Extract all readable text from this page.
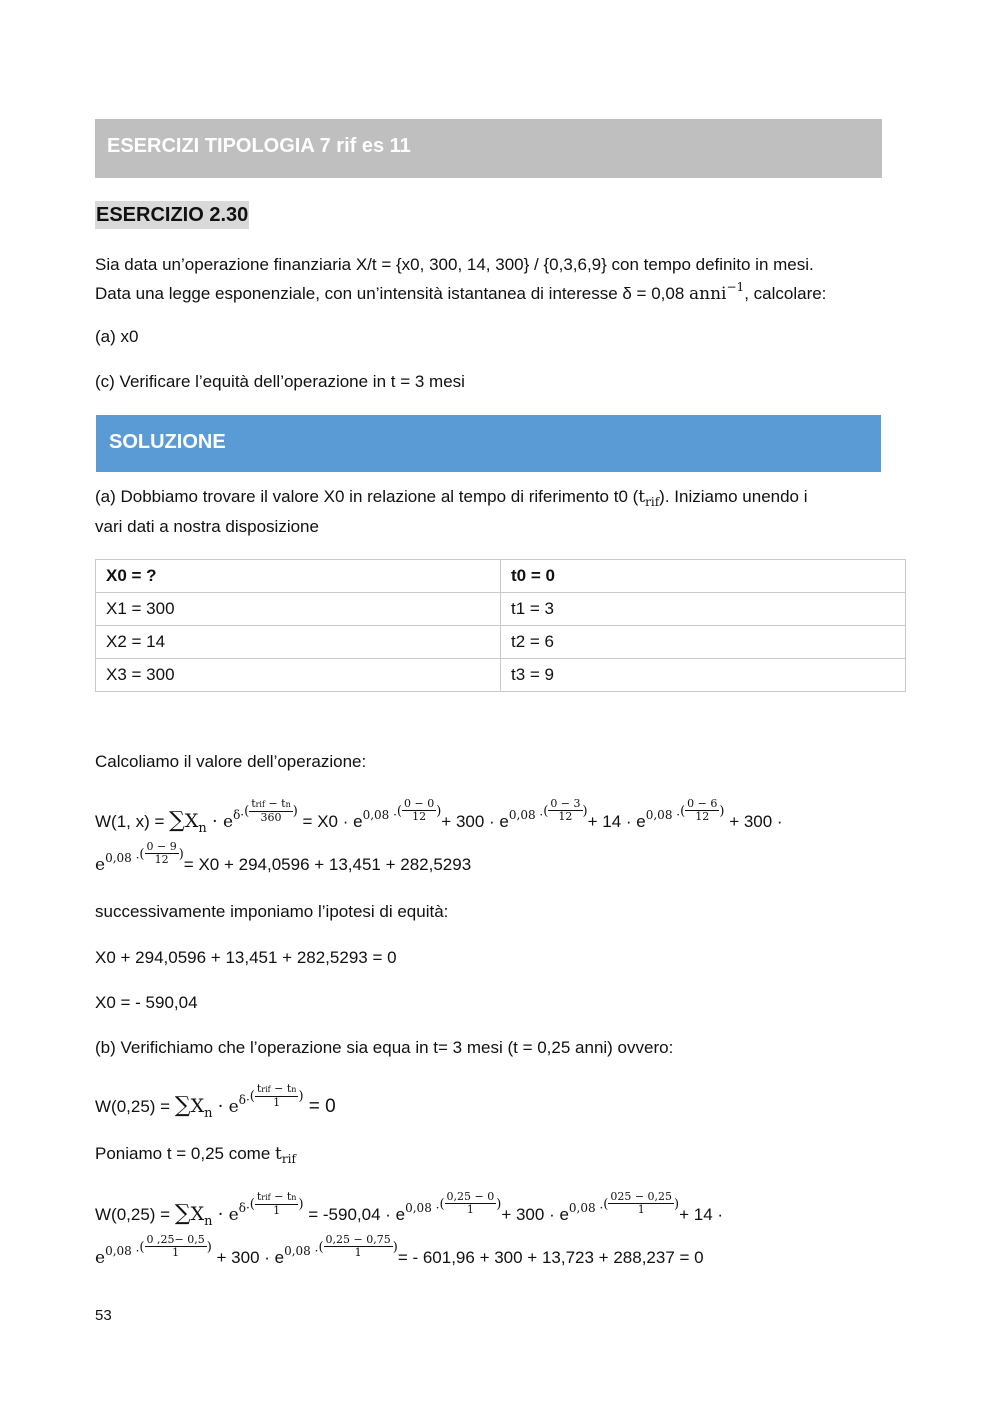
ESERCIZI TIPOLOGIA 7 rif es 11
ESERCIZIO 2.30
Sia data un’operazione finanziaria X/t = {x0, 300, 14, 300} / {0,3,6,9} con tempo definito in mesi.
Data una legge esponenziale, con un’intensità istantanea di interesse δ = 0,08 anni$^{-1}$, calcolare:
(a) x0
(c) Verificare l’equità dell’operazione in t = 3 mesi
SOLUZIONE
(a) Dobbiamo trovare il valore X0 in relazione al tempo di riferimento t0 $(t_{rif})$. Iniziamo unendo i
vari dati a nostra disposizione
X0 = ?	t0 = 0
X1 = 300	t1 = 3
X2 = 14	t2 = 6
X3 = 300	t3 = 9
Calcoliamo il valore dell’operazione:
W(1, $x) = \sum X_n \cdot e^{\delta\cdot(}$
trif − tn
360 $^) = X0 \cdot e^{0,08 \cdot(} \frac{0 - 0}{12} ^)+ 300 \cdot e^{0,08 \cdot(} \frac{0 - 3}{12} ^)+ 14 \cdot e^{0,08 \cdot(} \frac{0 - 6}{12} ^) + 300$ ·
$e^{0,08 \cdot(} \frac{0 - 9}{12} ^)= X0 + 294,0596 + 13,451 + 282,5293$
successivamente imponiamo l’ipotesi di equità:
X0 + 294,0596 + 13,451 + 282,5293 = 0
X0 = - 590,04
(b) Verifichiamo che l’operazione sia equa in t= 3 mesi (t = 0,25 anni) ovvero:
$W(0,25) = \sum X_n \cdot e^{\delta\cdot(}$
trif − tn
1	) = 0
Poniamo t = 0,25 come $t_{rif}$
$W(0,25) = \sum X_n \cdot e^{\delta\cdot(}$
trif − tn
1	$^) = -590,04 \cdot e^{0,08 \cdot(} \frac{0,25 - 0}{1} ^)+ 300 \cdot e^{0,08 \cdot(} \frac{025 - 0,25}{1} ^)+ 14$ ·
$e^{0,08 \cdot(} \frac{0 ,25- 0,5}{1} ^) + 300 \cdot e^{0,08 \cdot(} \frac{0,25 - 0,75}{1} ^)= - 601,96 + 300 + 13,723 + 288,237 = 0$
53
